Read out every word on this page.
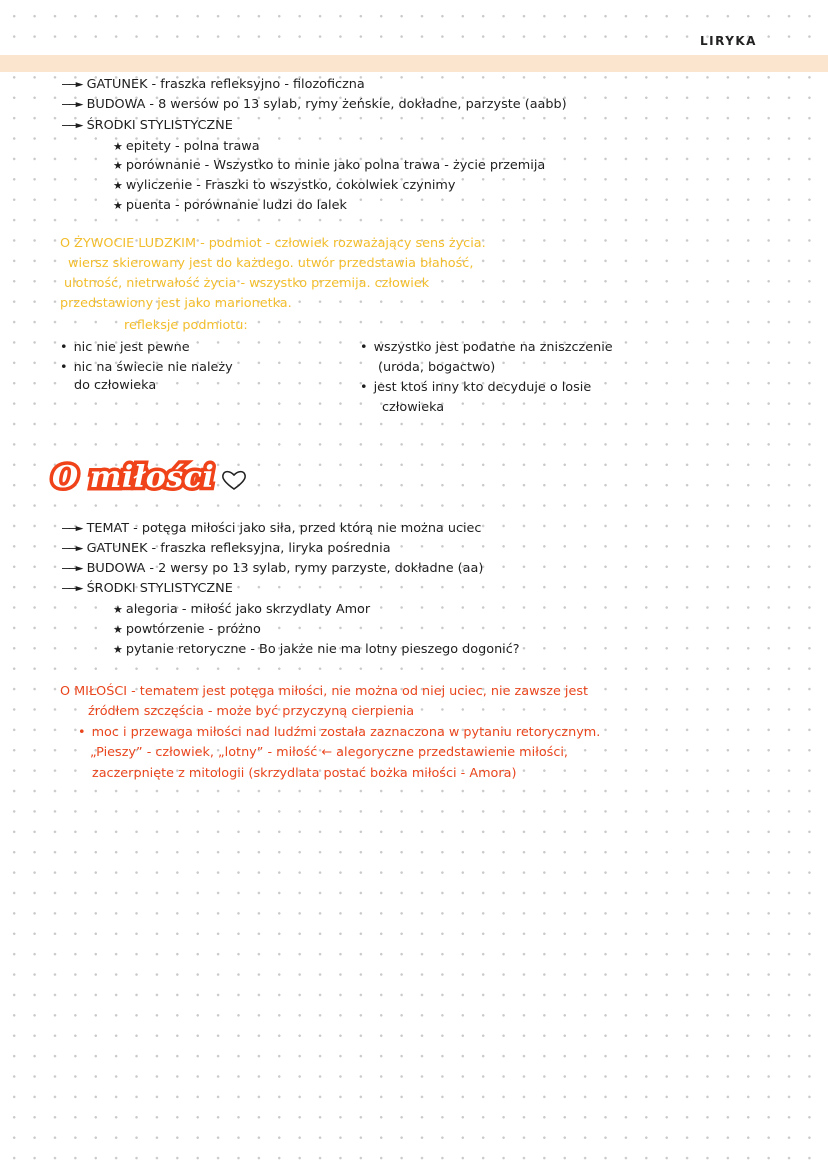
LIRYKA
——► GATUNEK - fraszka refleksyjno - filozoficzna
——► BUDOWA - 8 wersów po 13 sylab, rymy żeńskie, dokładne, parzyste (aabb)
——► ŚRODKI STYLISTYCZNE
★ epitety - polna trawa
★ porównanie - Wszystko to minie jako polna trawa - życie przemija
★ wyliczenie - Fraszki to wszystko, cokolwiek czynimy
★ puenta - porównanie ludzi do lalek
O ŻYWOCIE LUDZKIM - podmiot - człowiek rozważający sens życia.
wiersz skierowany jest do każdego. utwór przedstawia błahość,
ulotność, nietrwałość życia - wszystko przemija. człowiek
przedstawiony jest jako marionetka.
refleksje podmiotu:
• nic nie jest pewne
• nic na świecie nie należy
do człowieka
• wszystko jest podatne na zniszczenie
(uroda, bogactwo)
• jest ktoś inny kto decyduje o losie
człowieka
O miłości
——► TEMAT - potęga miłości jako siła, przed którą nie można uciec
——► GATUNEK - fraszka refleksyjna, liryka pośrednia
——► BUDOWA - 2 wersy po 13 sylab, rymy parzyste, dokładne (aa)
——► ŚRODKI STYLISTYCZNE
★ alegoria - miłość jako skrzydlaty Amor
★ powtórzenie - próżno
★ pytanie retoryczne - Bo jakże nie ma lotny pieszego dogonić?
O MIŁOŚCI - tematem jest potęga miłości, nie można od niej uciec, nie zawsze jest
źródłem szczęścia - może być przyczyną cierpienia
• moc i przewaga miłości nad ludźmi została zaznaczona w pytaniu retorycznym.
„Pieszy” - człowiek, „lotny” - miłość ← alegoryczne przedstawienie miłości,
zaczerpnięte z mitologii (skrzydlata postać bożka miłości - Amora)
